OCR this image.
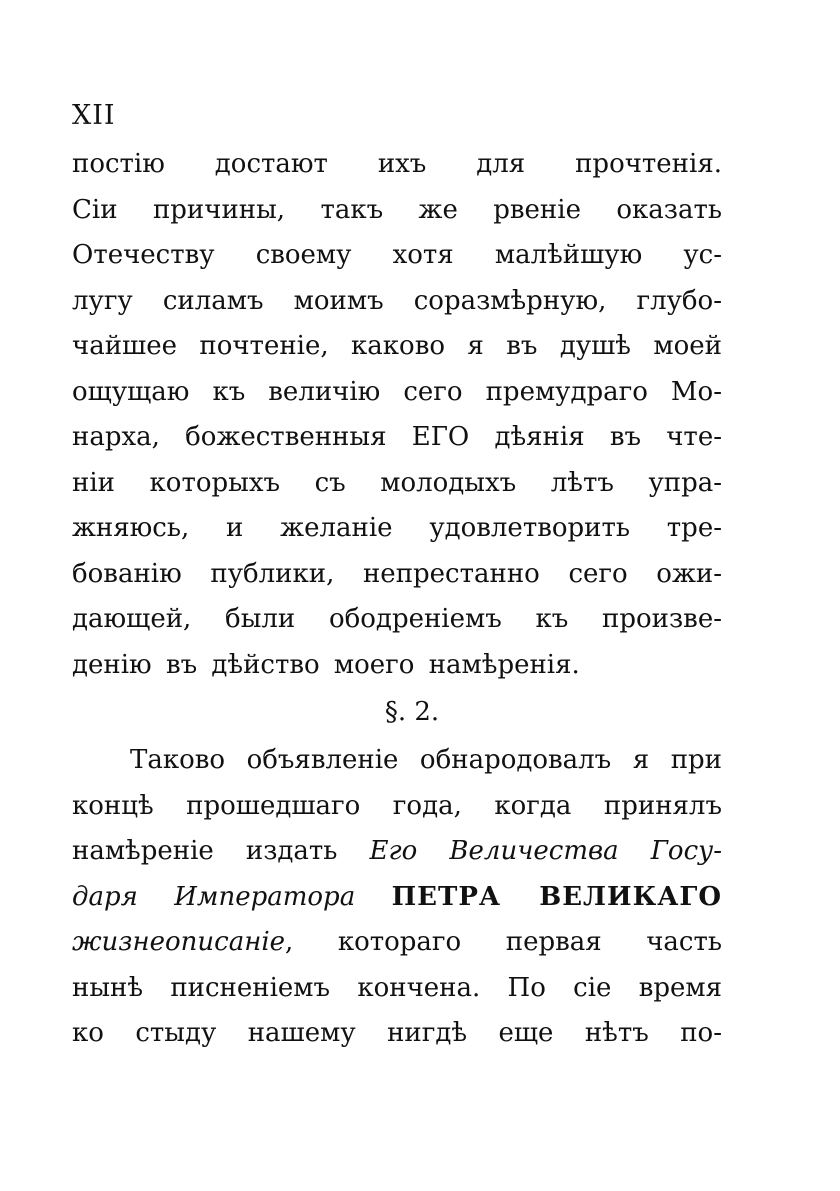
XII
постію достают ихъ для прочтенія.
Сіи причины, такъ же рвеніе оказать
Отечеству своему хотя малѣйшую ус-
лугу силамъ моимъ соразмѣрную, глубо-
чайшее почтеніе, каково я въ душѣ моей
ощущаю къ величію сего премудраго Мо-
нарха, божественныя ЕГО дѣянія въ чте-
ніи которыхъ съ молодыхъ лѣтъ упра-
жняюсь, и желаніе удовлетворить тре-
бованію публики, непрестанно сего ожи-
дающей, были ободреніемъ къ произве-
денію въ дѣйство моего намѣренія.
§. 2.
Таково объявленіе обнародовалъ я при
концѣ прошедшаго года, когда принялъ
намѣреніе издать Его Величества Госу-
даря Императора ПЕТРА ВЕЛИКАГО
жизнеописаніе, котораго первая часть
нынѣ писненіемъ кончена. По сіе время
ко стыду нашему нигдѣ еще нѣтъ по-
